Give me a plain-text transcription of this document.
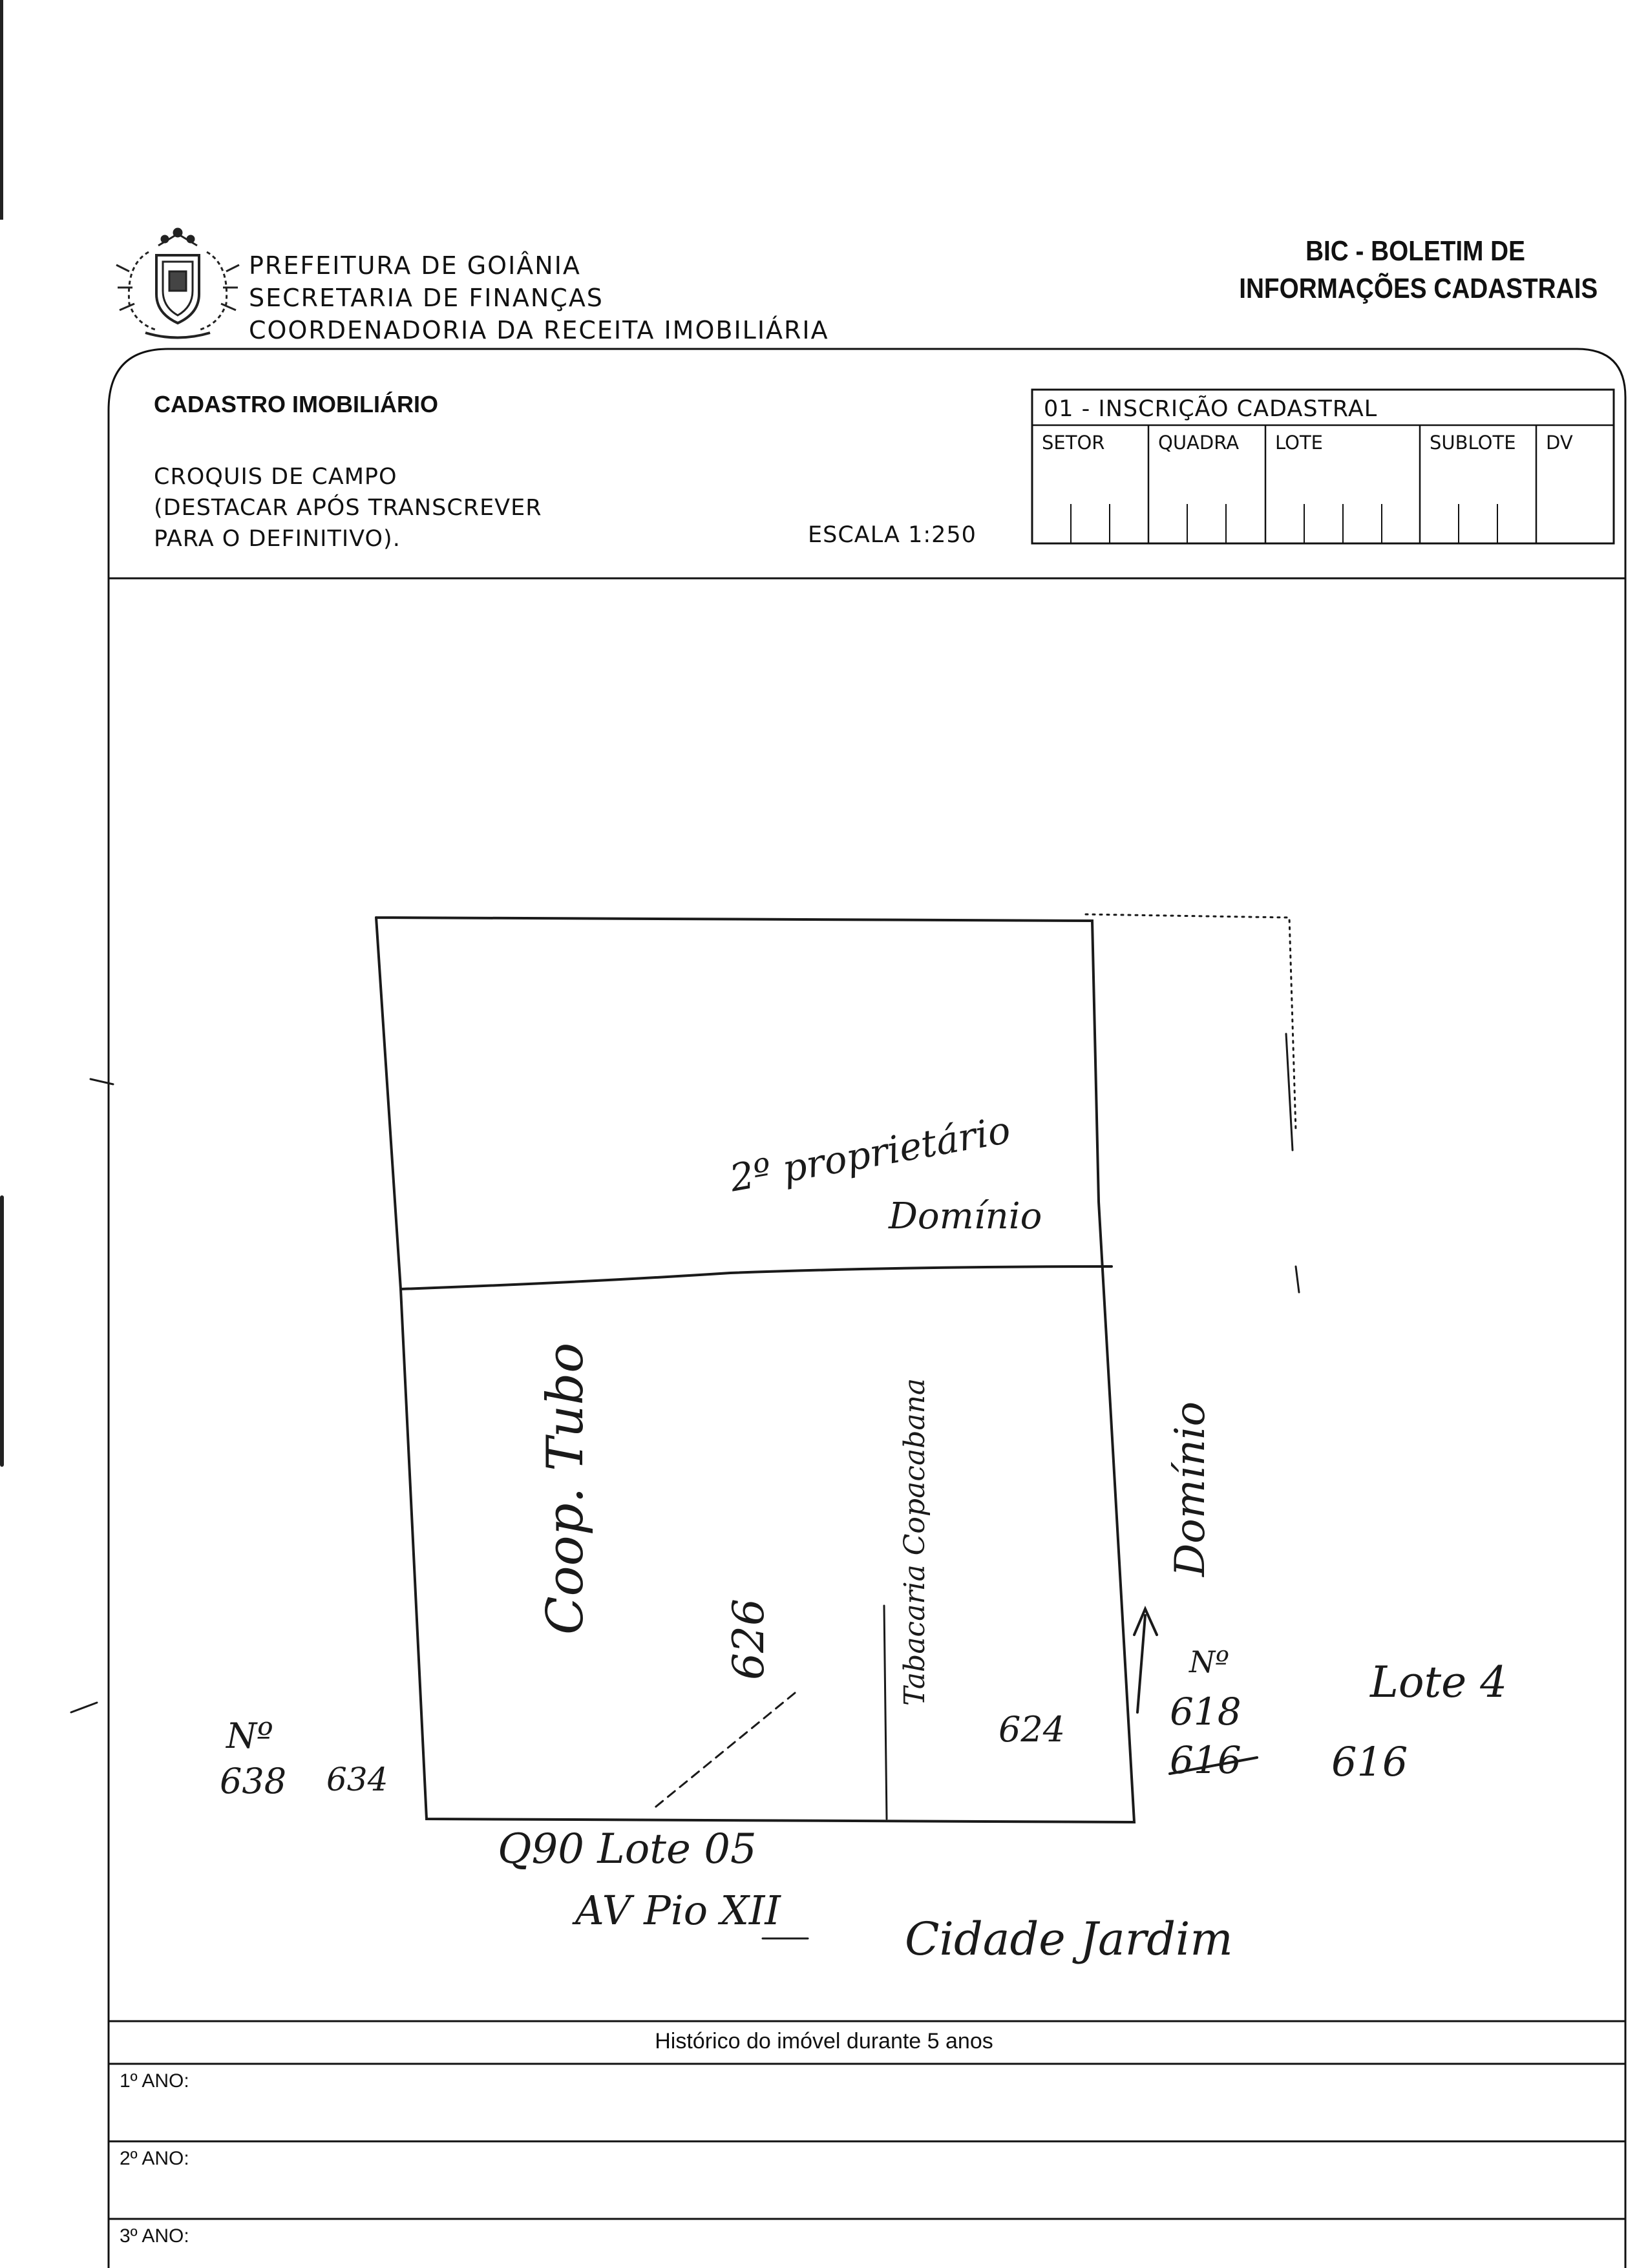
PREFEITURA DE GOIÂNIA
SECRETARIA DE FINANÇAS
COORDENADORIA DA RECEITA IMOBILIÁRIA
BIC - BOLETIM DE
INFORMAÇÕES CADASTRAIS
CADASTRO IMOBILIÁRIO
CROQUIS DE CAMPO
(DESTACAR APÓS TRANSCREVER
PARA O DEFINITIVO).	ESCALA 1:250
01 - INSCRIÇÃO CADASTRAL
SETOR	QUADRA LOTE	SUBLOTE DV
2º proprietário
Domínio
Coop. Tubo
626
Domínio
Tabacaria Copacabana
624
Nº
638 634
Nº
618
616 616
Lote 4
Q90 Lote 05
AV Pio XII
Cidade Jardim
Histórico do imóvel durante 5 anos
1º ANO:
2º ANO:
3º ANO:
